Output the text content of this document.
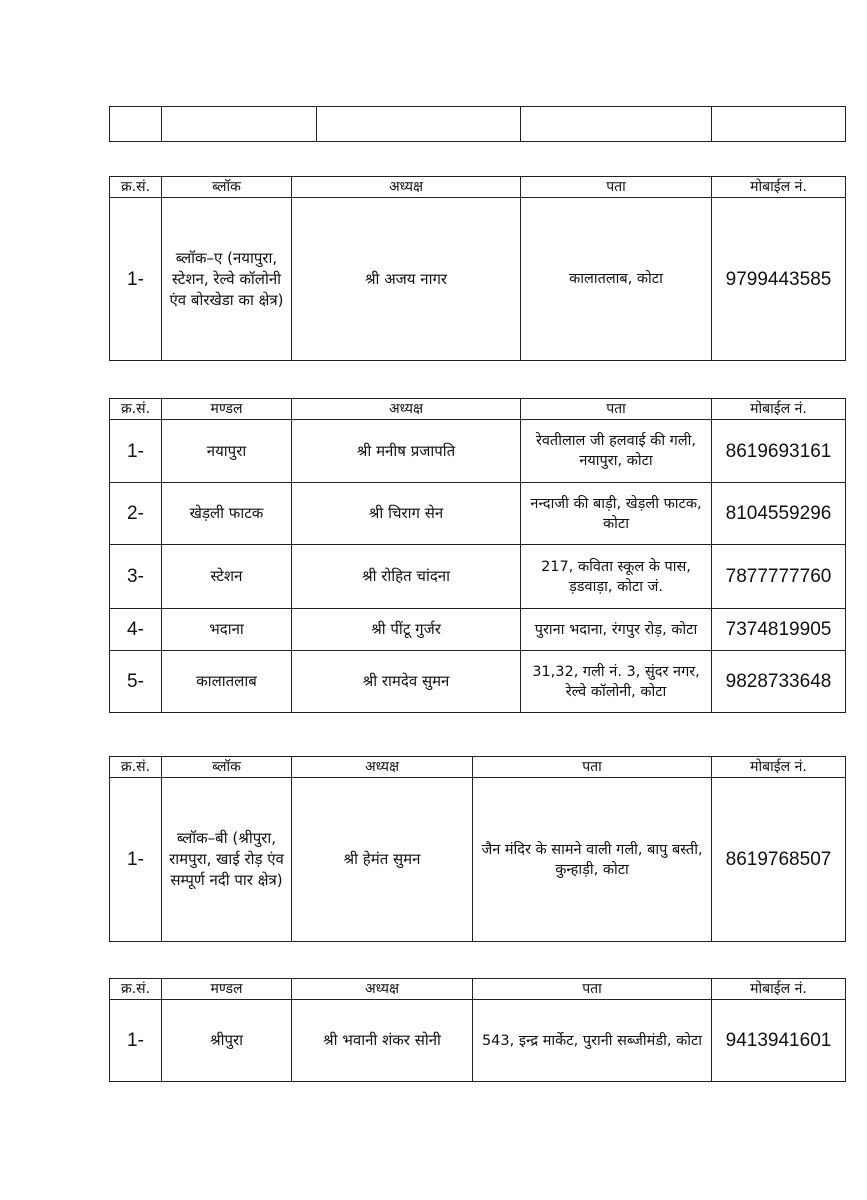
क्र.सं.	ब्लॉक	अध्यक्ष	पता	मोबाईल नं.
1-	ब्लॉक–ए (नयापुरा, स्टेशन, रेल्वे कॉलोनी एंव बोरखेडा का क्षेत्र)	श्री अजय नागर	कालातलाब, कोटा	9799443585
क्र.सं.	मण्डल	अध्यक्ष	पता	मोबाईल नं.
1-	नयापुरा	श्री मनीष प्रजापति	रेवतीलाल जी हलवाई की गली, नयापुरा, कोटा	8619693161
2-	खेड़ली फाटक	श्री चिराग सेन	नन्दाजी की बाड़ी, खेड़ली फाटक, कोटा	8104559296
3-	स्टेशन	श्री रोहित चांदना	217, कविता स्कूल के पास, ड़डवाड़ा, कोटा जं.	7877777760
4-	भदाना	श्री पींटू गुर्जर	पुराना भदाना, रंगपुर रोड़, कोटा	7374819905
5-	कालातलाब	श्री रामदेव सुमन	31,32, गली नं. 3, सुंदर नगर, रेल्वे कॉलोनी, कोटा	9828733648
क्र.सं.	ब्लॉक	अध्यक्ष	पता	मोबाईल नं.
1-	ब्लॉक–बी (श्रीपुरा, रामपुरा, खाई रोड़ एंव सम्पूर्ण नदी पार क्षेत्र)	श्री हेमंत सुमन	जैन मंदिर के सामने वाली गली, बापु बस्ती, कुन्हाड़ी, कोटा	8619768507
क्र.सं.	मण्डल	अध्यक्ष	पता	मोबाईल नं.
1-	श्रीपुरा	श्री भवानी शंकर सोनी	543, इन्द्र मार्केट, पुरानी सब्जीमंडी, कोटा	9413941601
